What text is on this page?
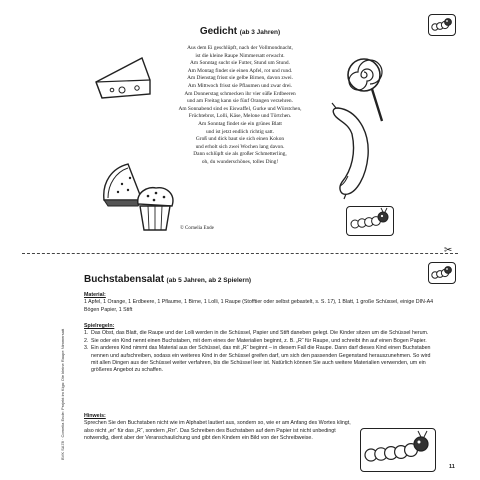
Gedicht (ab 3 Jahren)
Aus dem Ei geschlüpft, nach der Vollmondnacht,
ist die kleine Raupe Nimmersatt erwacht.
Am Sonntag sucht sie Futter, Stund um Stund.
Am Montag findet sie einen Apfel, rot und rund.
Am Dienstag frisst sie gelbe Birnen, davon zwei.
Am Mittwoch frisst sie Pflaumen und zwar drei.
Am Donnerstag schmecken ihr vier süße Erdbeeren
und am Freitag kann sie fünf Orangen verzehren.
Am Sonnabend sind es Eiswaffel, Gurke und Würstchen,
Früchtebrot, Lolli, Käse, Melone und Törtchen.
Am Sonntag findet sie ein grünes Blatt
und ist jetzt endlich richtig satt.
Groß und dick baut sie sich einen Kokon
und erholt sich zwei Wochen lang davon.
Dann schlüpft sie als großer Schmetterling,
oh, du wunderschönes, tolles Ding!
© Cornelia Ende
✂
Buchstabensalat (ab 5 Jahren, ab 2 Spielern)
Material:
1 Apfel, 1 Orange, 1 Erdbeere, 1 Pflaume, 1 Birne, 1 Lolli, 1 Raupe (Stofftier oder selbst gebastelt, s. S. 17), 1 Blatt, 1 große Schüssel, einige DIN-A4 Bögen Papier, 1 Stift
Spielregeln:
1. Das Obst, das Blatt, die Raupe und der Lolli werden in die Schüssel, Papier und Stift daneben gelegt. Die Kinder sitzen um die Schüssel herum.
2. Sie oder ein Kind nennt einen Buchstaben, mit dem eines der Materialien beginnt, z. B. „R“ für Raupe, und schreibt ihn auf einen Bogen Papier.
3. Ein anderes Kind nimmt das Material aus der Schüssel, das mit „R“ beginnt – in diesem Fall die Raupe. Dann darf dieses Kind einen Buchstaben nennen und aufschreiben, sodass ein weiteres Kind in der Schüssel greifen darf, um sich den passenden Gegenstand herauszunehmen. So wird mit allen Dingen aus der Schüssel weiter verfahren, bis die Schüssel leer ist. Natürlich können Sie auch weitere Materialien verwenden, um ein größeres Angebot zu schaffen.
Hinweis:
Sprechen Sie den Buchstaben nicht wie im Alphabet lautiert aus, sondern so, wie er am Anfang des Wortes klingt, also nicht „er“ für das „R“, sondern „Rrr“. Das Schreiben des Buchstaben auf dem Papier ist nicht unbedingt notwendig, dient aber der Veranschaulichung und gibt den Kindern ein Bild von der Schreibweise.
11
BVK SA78 · Cornelia Ende: Projekt im Kiga: Die kleine Raupe Nimmersatt
